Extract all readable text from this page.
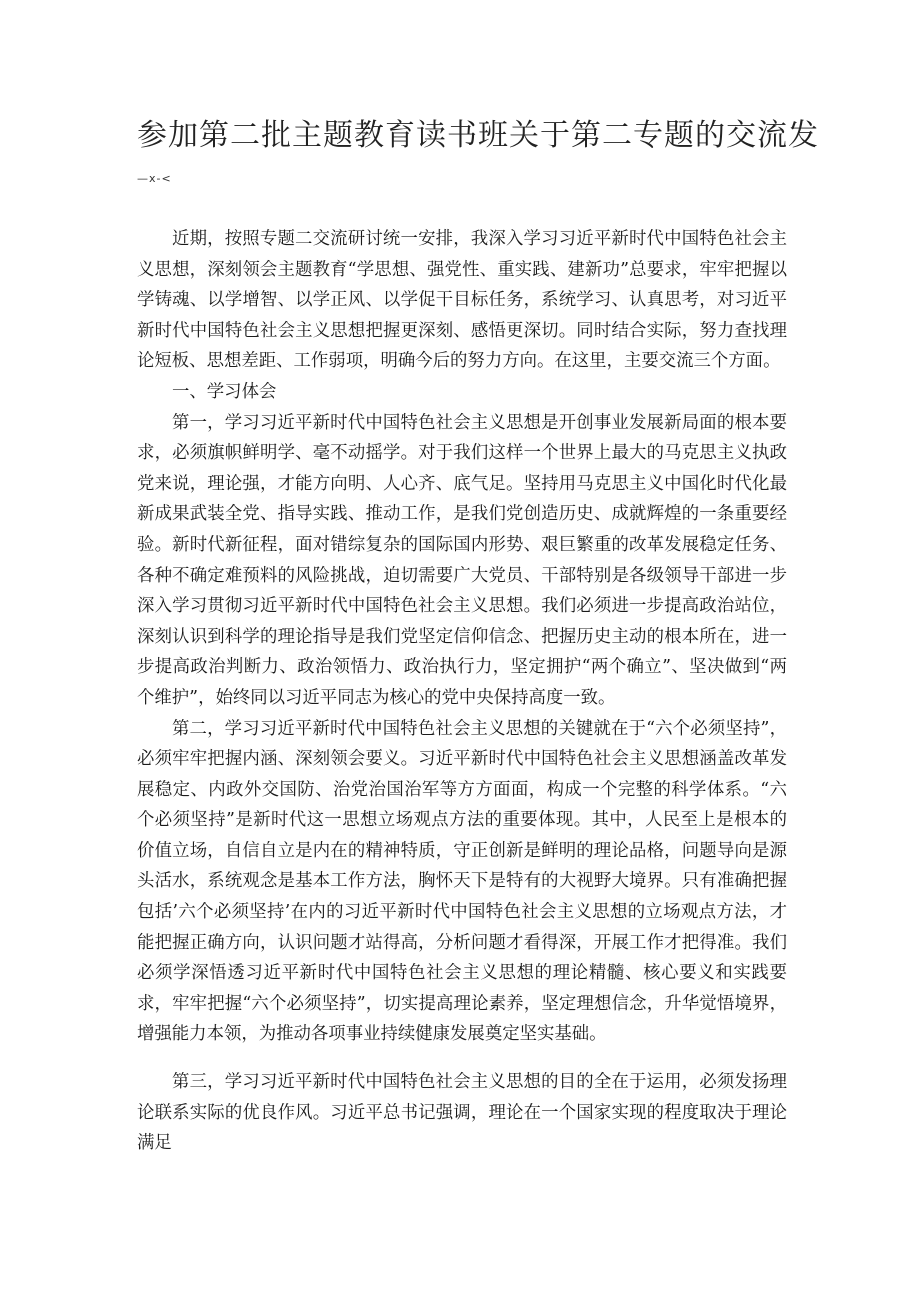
参加第二批主题教育读书班关于第二专题的交流发
—x-<

近期，按照专题二交流研讨统一安排，我深入学习习近平新时代中国特色社会主义思想，深刻领会主题教育“学思想、强党性、重实践、建新功”总要求，牢牢把握以学铸魂、以学增智、以学正风、以学促干目标任务，系统学习、认真思考，对习近平新时代中国特色社会主义思想把握更深刻、感悟更深切。同时结合实际，努力查找理论短板、思想差距、工作弱项，明确今后的努力方向。在这里，主要交流三个方面。

一、学习体会

第一，学习习近平新时代中国特色社会主义思想是开创事业发展新局面的根本要求，必须旗帜鲜明学、毫不动摇学。对于我们这样一个世界上最大的马克思主义执政党来说，理论强，才能方向明、人心齐、底气足。坚持用马克思主义中国化时代化最新成果武装全党、指导实践、推动工作，是我们党创造历史、成就辉煌的一条重要经验。新时代新征程，面对错综复杂的国际国内形势、艰巨繁重的改革发展稳定任务、各种不确定难预料的风险挑战，迫切需要广大党员、干部特别是各级领导干部进一步深入学习贯彻习近平新时代中国特色社会主义思想。我们必须进一步提高政治站位，深刻认识到科学的理论指导是我们党坚定信仰信念、把握历史主动的根本所在，进一步提高政治判断力、政治领悟力、政治执行力，坚定拥护“两个确立”、坚决做到“两个维护”，始终同以习近平同志为核心的党中央保持高度一致。

第二，学习习近平新时代中国特色社会主义思想的关键就在于“六个必须坚持”，必须牢牢把握内涵、深刻领会要义。习近平新时代中国特色社会主义思想涵盖改革发展稳定、内政外交国防、治党治国治军等方方面面，构成一个完整的科学体系。“六个必须坚持”是新时代这一思想立场观点方法的重要体现。其中，人民至上是根本的价值立场，自信自立是内在的精神特质，守正创新是鲜明的理论品格，问题导向是源头活水，系统观念是基本工作方法，胸怀天下是特有的大视野大境界。只有准确把握包括’六个必须坚持’在内的习近平新时代中国特色社会主义思想的立场观点方法，才能把握正确方向，认识问题才站得高，分析问题才看得深，开展工作才把得准。我们必须学深悟透习近平新时代中国特色社会主义思想的理论精髓、核心要义和实践要求，牢牢把握“六个必须坚持”，切实提高理论素养，坚定理想信念，升华觉悟境界，增强能力本领，为推动各项事业持续健康发展奠定坚实基础。

第三，学习习近平新时代中国特色社会主义思想的目的全在于运用，必须发扬理论联系实际的优良作风。习近平总书记强调，理论在一个国家实现的程度取决于理论满足
